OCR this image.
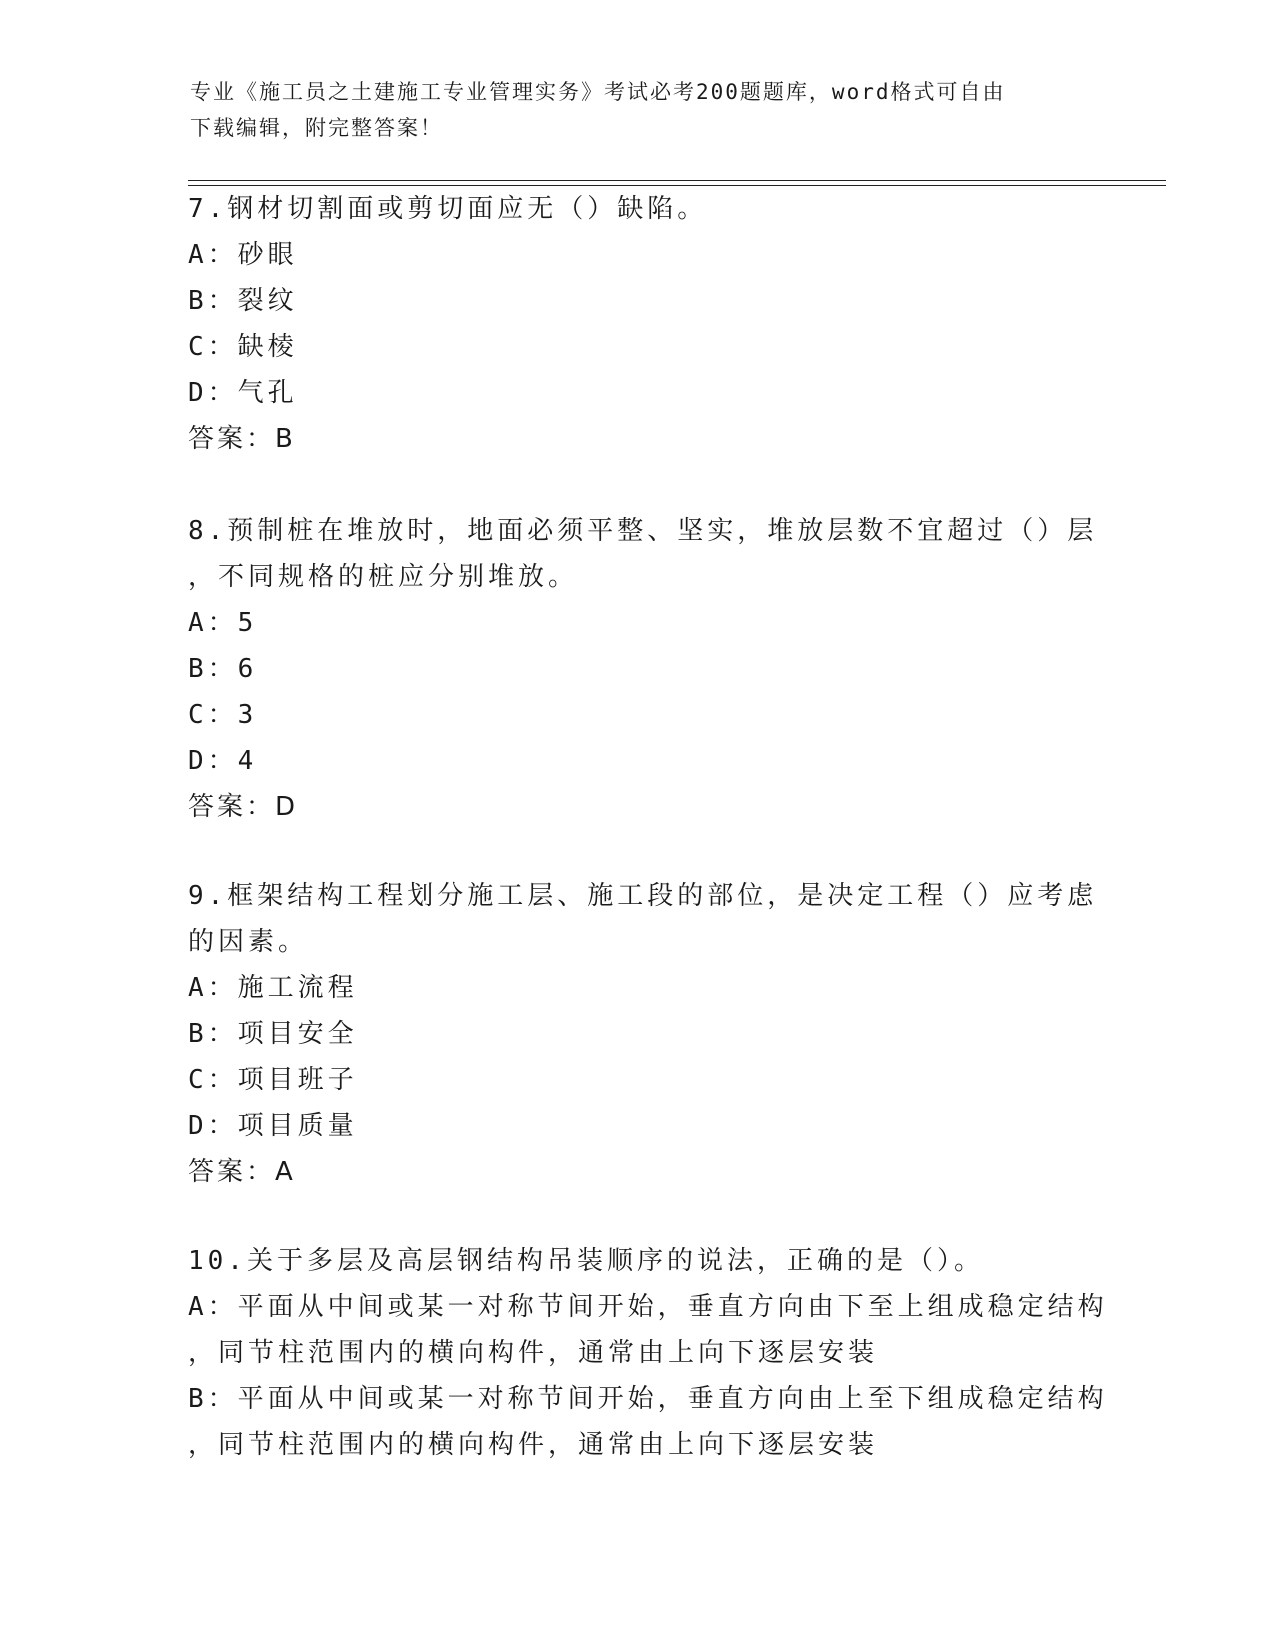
专业《施工员之土建施工专业管理实务》考试必考200题题库，word格式可自由
下载编辑，附完整答案！
7.钢材切割面或剪切面应无（）缺陷。
A：砂眼
B：裂纹
C：缺棱
D：气孔
答案：B
8.预制桩在堆放时，地面必须平整、坚实，堆放层数不宜超过（）层
，不同规格的桩应分别堆放。
A：5
B：6
C：3
D：4
答案：D
9.框架结构工程划分施工层、施工段的部位，是决定工程（）应考虑
的因素。
A：施工流程
B：项目安全
C：项目班子
D：项目质量
答案：A
10.关于多层及高层钢结构吊装顺序的说法，正确的是（）。
A：平面从中间或某一对称节间开始，垂直方向由下至上组成稳定结构
，同节柱范围内的横向构件，通常由上向下逐层安装
B：平面从中间或某一对称节间开始，垂直方向由上至下组成稳定结构
，同节柱范围内的横向构件，通常由上向下逐层安装
